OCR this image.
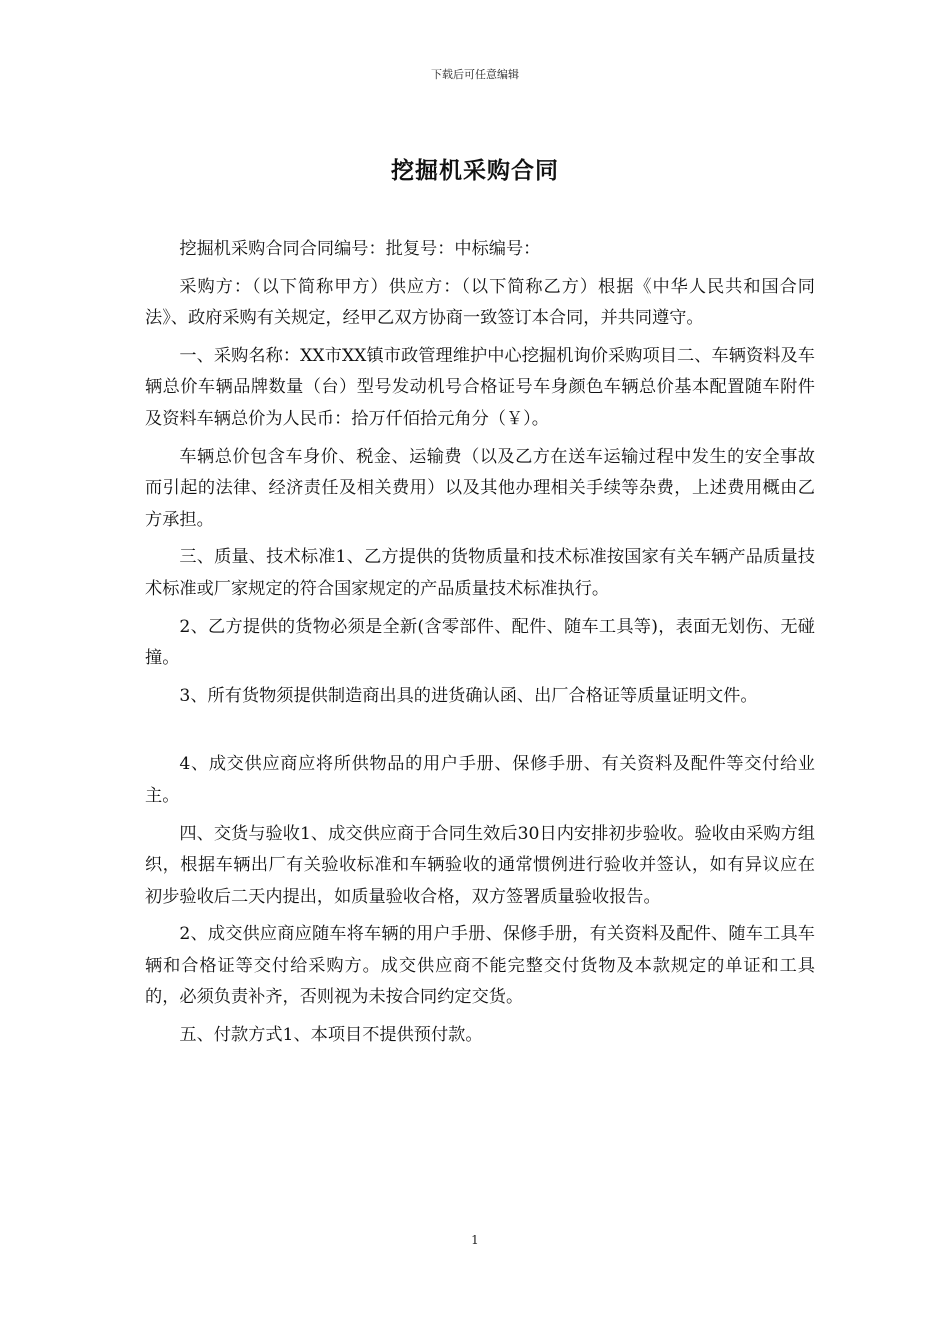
下载后可任意编辑
挖掘机采购合同

挖掘机采购合同合同编号：批复号：中标编号：

采购方：（以下简称甲方）供应方：（以下简称乙方）根据《中华人民共和国合同法》、政府采购有关规定，经甲乙双方协商一致签订本合同，并共同遵守。

一、采购名称：XX市XX镇市政管理维护中心挖掘机询价采购项目二、车辆资料及车辆总价车辆品牌数量（台）型号发动机号合格证号车身颜色车辆总价基本配置随车附件及资料车辆总价为人民币：拾万仟佰拾元角分（￥）。

车辆总价包含车身价、税金、运输费（以及乙方在送车运输过程中发生的安全事故而引起的法律、经济责任及相关费用）以及其他办理相关手续等杂费，上述费用概由乙方承担。

三、质量、技术标准1、乙方提供的货物质量和技术标准按国家有关车辆产品质量技术标准或厂家规定的符合国家规定的产品质量技术标准执行。

2、乙方提供的货物必须是全新(含零部件、配件、随车工具等)，表面无划伤、无碰撞。

3、所有货物须提供制造商出具的进货确认函、出厂合格证等质量证明文件。

4、成交供应商应将所供物品的用户手册、保修手册、有关资料及配件等交付给业主。

四、交货与验收1、成交供应商于合同生效后30日内安排初步验收。验收由采购方组织，根据车辆出厂有关验收标准和车辆验收的通常惯例进行验收并签认，如有异议应在初步验收后二天内提出，如质量验收合格，双方签署质量验收报告。

2、成交供应商应随车将车辆的用户手册、保修手册，有关资料及配件、随车工具车辆和合格证等交付给采购方。成交供应商不能完整交付货物及本款规定的单证和工具的，必须负责补齐，否则视为未按合同约定交货。

五、付款方式1、本项目不提供预付款。

1
